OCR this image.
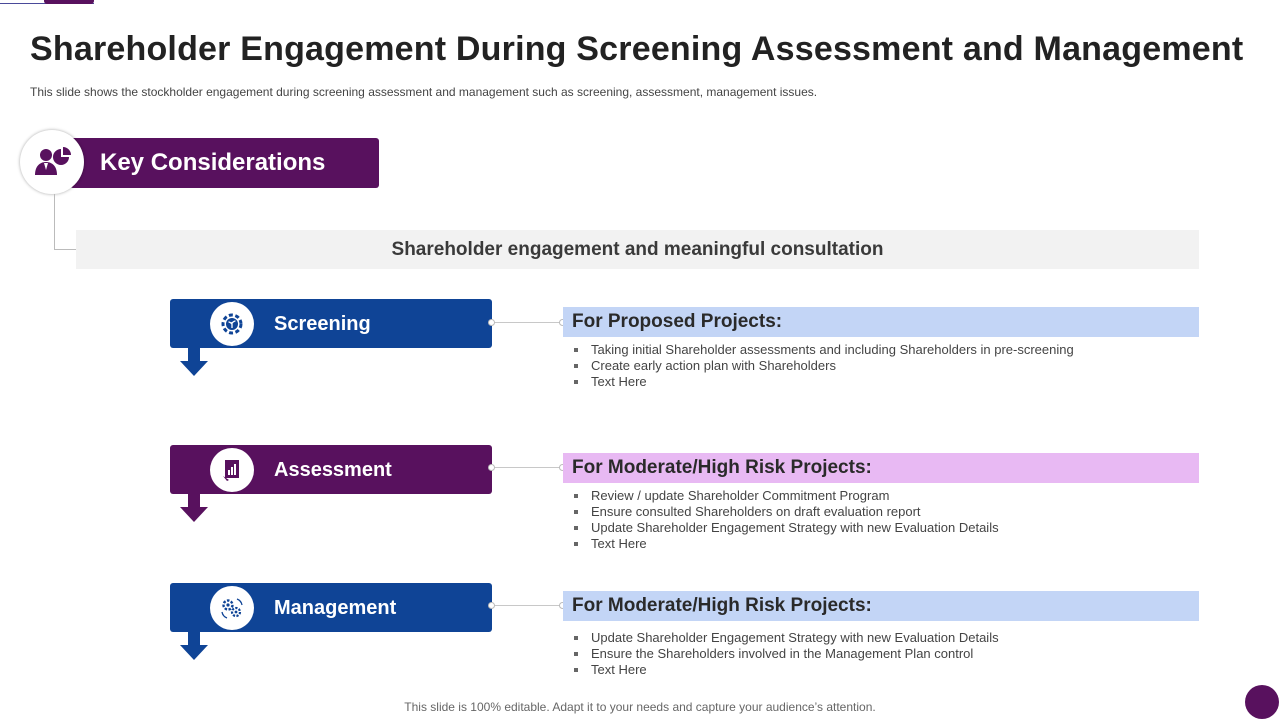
Shareholder Engagement During Screening Assessment and Management

This slide shows the stockholder engagement during screening assessment and management such as screening, assessment, management issues.

Key Considerations
Shareholder engagement and meaningful consultation
Screening	For Proposed Projects:
Taking initial Shareholder assessments and including Shareholders in pre-screening
Create early action plan with Shareholders
Text Here
Assessment	For Moderate/High Risk Projects:
Review / update Shareholder Commitment Program
Ensure consulted Shareholders on draft evaluation report
Update Shareholder Engagement Strategy with new Evaluation Details
Text Here
Management	For Moderate/High Risk Projects:
Update Shareholder Engagement Strategy with new Evaluation Details
Ensure the Shareholders involved in the Management Plan control
Text Here
This slide is 100% editable. Adapt it to your needs and capture your audience’s attention.
